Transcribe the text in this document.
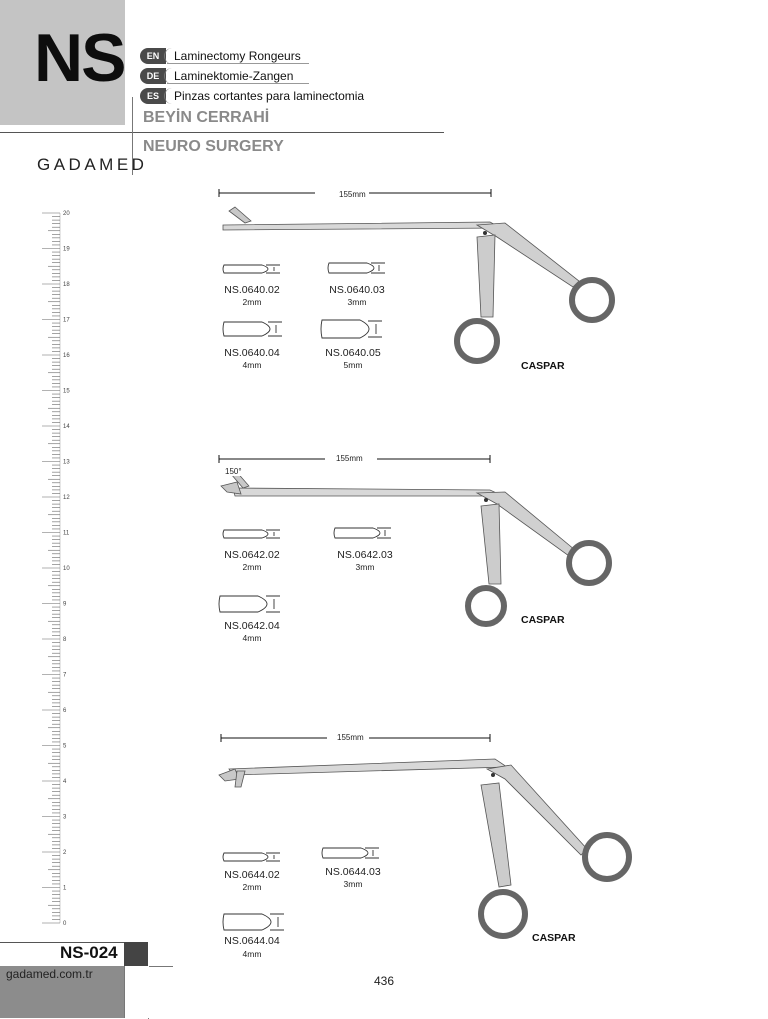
NS	EN	Laminectomy Rongeurs
DE	Laminektomie-Zangen
ES	Pinzas cortantes para laminectomia
BEYİN CERRAHİ
NEURO SURGERY
GADAMED
20
19
18
17
16
15
14
13
12
11
10
9
8
7
6
5
4
3
2
1
0
155mm
NS.0640.02
2mm
NS.0640.03
3mm
NS.0640.04
4mm
NS.0640.05
5mm	CASPAR
155mm
150°
NS.0642.02
2mm
NS.0642.03
3mm
NS.0642.04
4mm
CASPAR
155mm
NS.0644.02
2mm
NS.0644.03
3mm
NS.0644.04
4mm
CASPAR
NS-024
gadamed.com.tr	436
